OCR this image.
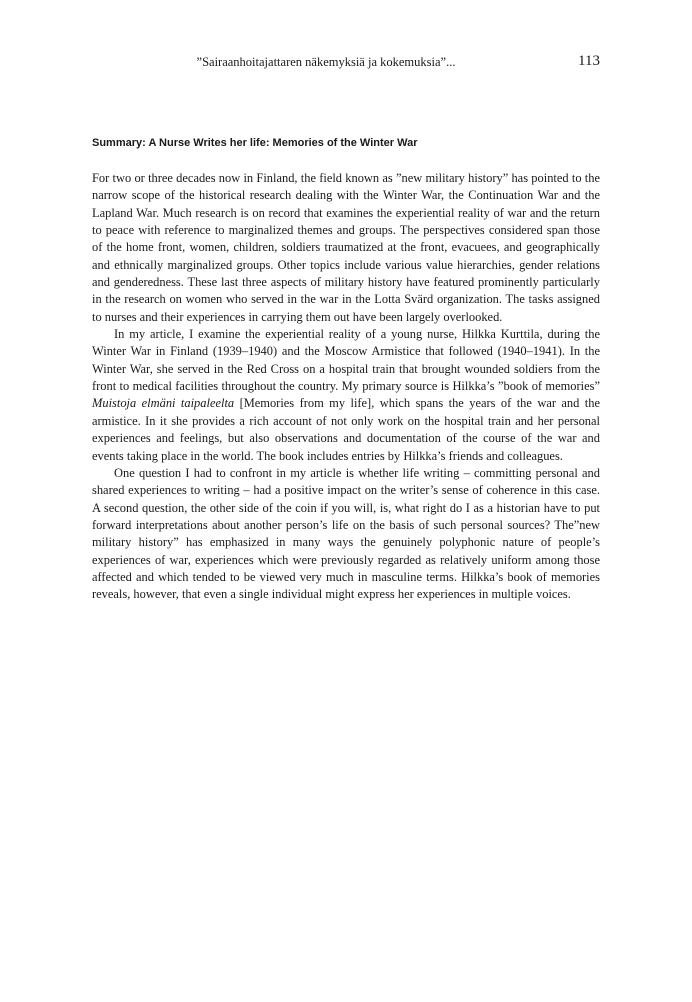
”Sairaanhoitajattaren näkemyksiä ja kokemuksia”...	113
Summary: A Nurse Writes her life: Memories of the Winter War

For two or three decades now in Finland, the field known as ”new military history” has pointed to the narrow scope of the historical research dealing with the Winter War, the Continuation War and the Lapland War. Much research is on record that examines the experiential reality of war and the return to peace with reference to marginalized themes and groups. The perspectives considered span those of the home front, women, children, soldiers traumatized at the front, evacuees, and geographically and ethnically marginalized groups. Other topics include various value hierarchies, gender relations and genderedness. These last three aspects of military history have featured prominently particularly in the research on women who served in the war in the Lotta Svärd organization. The tasks assigned to nurses and their experiences in carrying them out have been largely overlooked.

In my article, I examine the experiential reality of a young nurse, Hilkka Kurttila, during the Winter War in Finland (1939–1940) and the Moscow Armistice that followed (1940–1941). In the Winter War, she served in the Red Cross on a hospital train that brought wounded soldiers from the front to medical facilities throughout the country. My primary source is Hilkka’s ”book of memories” Muistoja elmäni taipaleelta [Memories from my life], which spans the years of the war and the armistice. In it she provides a rich account of not only work on the hospital train and her personal experiences and feelings, but also observations and documentation of the course of the war and events taking place in the world. The book includes entries by Hilkka’s friends and colleagues.

One question I had to confront in my article is whether life writing – committing personal and shared experiences to writing – had a positive impact on the writer’s sense of coherence in this case. A second question, the other side of the coin if you will, is, what right do I as a historian have to put forward interpretations about another person’s life on the basis of such personal sources? The”new military history” has emphasized in many ways the genuinely polyphonic nature of people’s experiences of war, experiences which were previously regarded as relatively uniform among those affected and which tended to be viewed very much in masculine terms. Hilkka’s book of memories reveals, however, that even a single individual might express her experiences in multiple voices.
